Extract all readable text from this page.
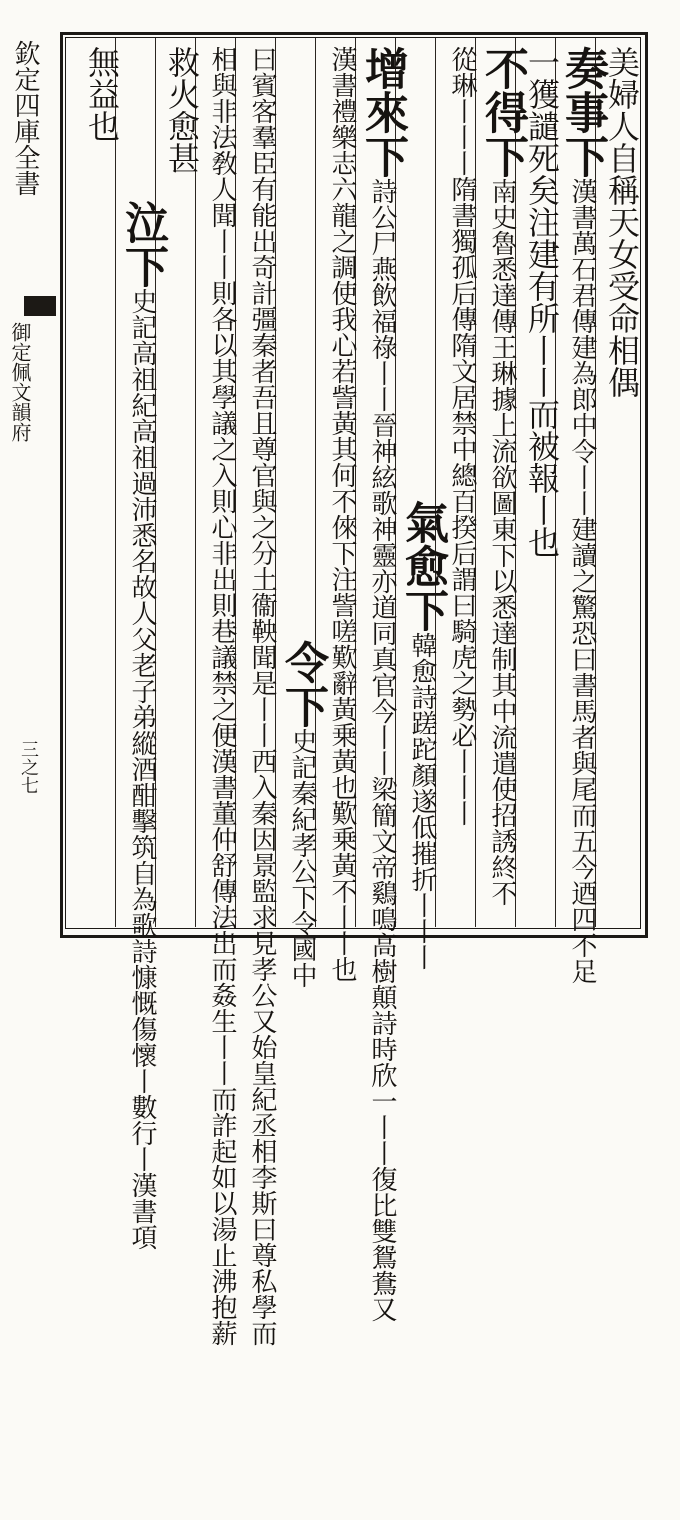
欽定四庫全書
御定佩文韻府
三之七
美婦人自稱天女受命相偶
奏事下漢書萬石君傳建為郎中令丨丨建讀之驚恐曰書馬者與尾而五今迺四不足
一獲譴死矣注建有所丨丨而被報丨也
不得下南史魯悉達傳王琳據上流欲圖東下以悉達制其中流遣使招誘終不
從琳丨丨丨隋書獨孤后傳隋文居禁中總百揆后謂曰騎虎之勢必丨丨丨
氣愈下韓愈詩蹉跎顏遂低摧折丨丨丨
增來下詩公尸燕飲福祿丨丨晉神絃歌神靈亦道同真官今丨丨梁簡文帝鷄鳴高樹顛詩時欣一丨丨復比雙鴛鴦又
漢書禮樂志六龍之調使我心若訾黃其何不倈下注訾嗟歎辭黃乗黃也歎乗黃不丨丨也
令下史記秦紀孝公下令國中
曰賓客羣臣有能出奇計彊秦者吾且尊官與之分土衞鞅聞是丨丨西入秦因景監求見孝公又始皇紀丞相李斯曰尊私學而
相與非法敎人聞丨丨則各以其學議之入則心非出則巷議禁之便漢書董仲舒傳法出而姦生丨丨而詐起如以湯止沸抱薪
救火愈甚
泣下史記高祖紀高祖過沛悉名故人父老子弟縱酒酣擊筑自為歌詩慷慨傷懷丨數行丨漢書項
無益也
